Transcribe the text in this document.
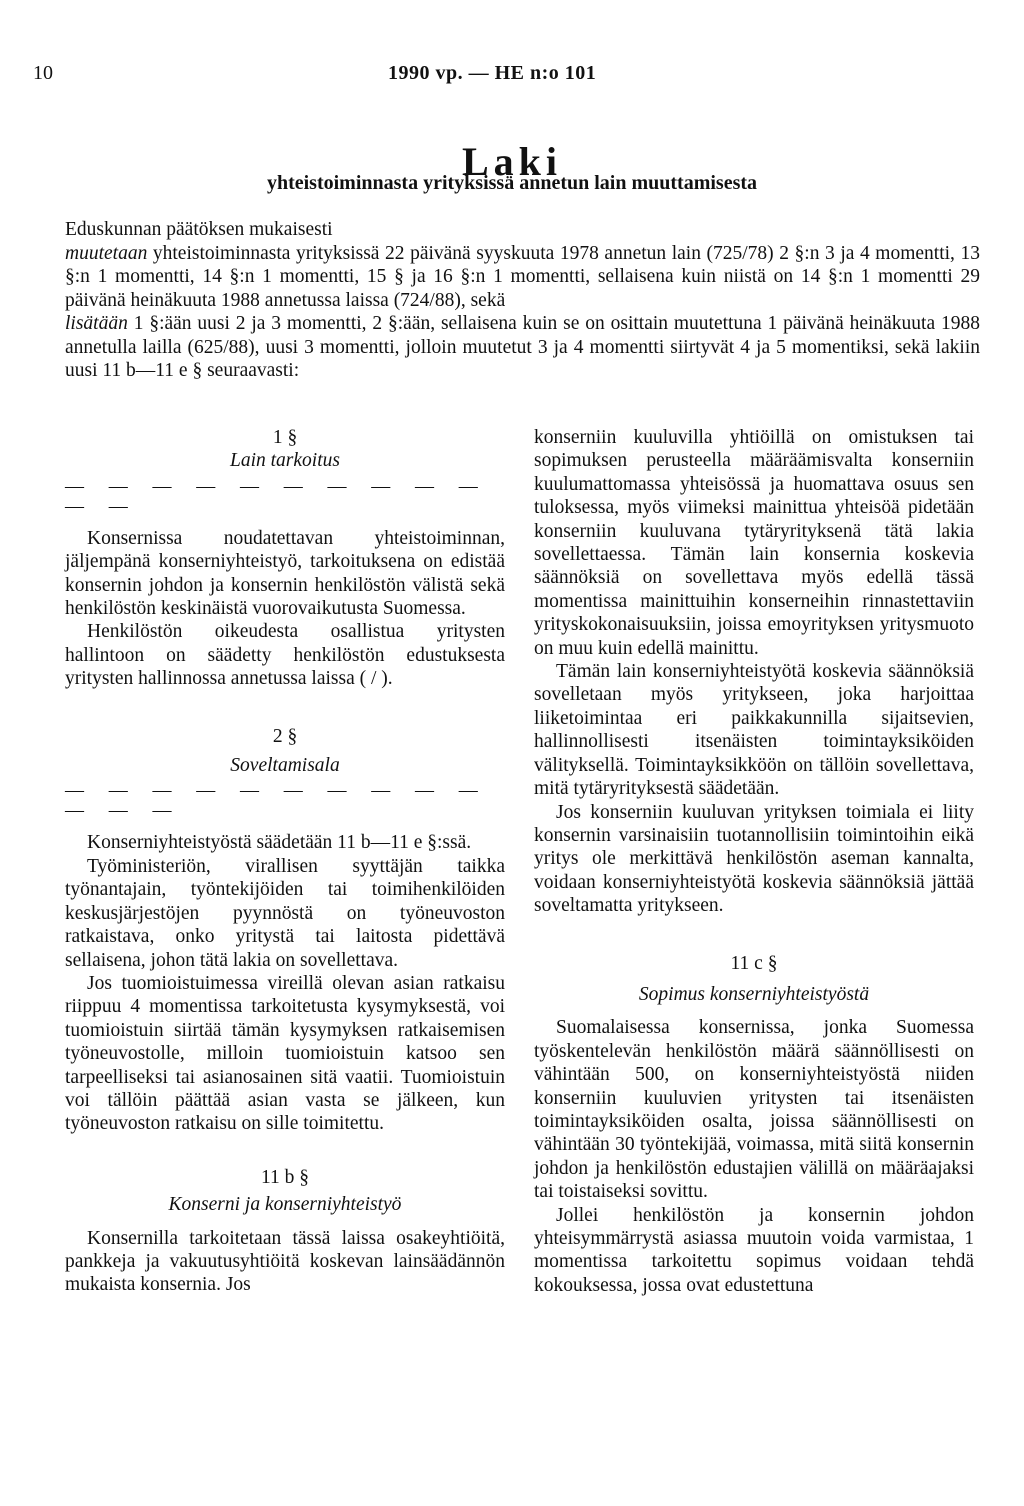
10	1990 vp. — HE n:o 101
Laki
yhteistoiminnasta yrityksissä annetun lain muuttamisesta

Eduskunnan päätöksen mukaisesti

muutetaan yhteistoiminnasta yrityksissä 22 päivänä syyskuuta 1978 annetun lain (725/78) 2 §:n 3 ja 4 momentti, 13 §:n 1 momentti, 14 §:n 1 momentti, 15 § ja 16 §:n 1 momentti, sellaisena kuin niistä on 14 §:n 1 momentti 29 päivänä heinäkuuta 1988 annetussa laissa (724/88), sekä

lisätään 1 §:ään uusi 2 ja 3 momentti, 2 §:ään, sellaisena kuin se on osittain muutettuna 1 päivänä heinäkuuta 1988 annetulla lailla (625/88), uusi 3 momentti, jolloin muutetut 3 ja 4 momentti siirtyvät 4 ja 5 momentiksi, sekä lakiin uusi 11 b—11 e § seuraavasti:

1 §
Lain tarkoitus
— — — — — — — — — — — —

Konsernissa noudatettavan yhteistoiminnan, jäljempänä konserniyhteistyö, tarkoituksena on edistää konsernin johdon ja konsernin henkilöstön välistä sekä henkilöstön keskinäistä vuorovaikutusta Suomessa.

Henkilöstön oikeudesta osallistua yritysten hallintoon on säädetty henkilöstön edustuksesta yritysten hallinnossa annetussa laissa ( / ).

2 §
Soveltamisala
— — — — — — — — — — — — —

Konserniyhteistyöstä säädetään 11 b—11 e §:ssä.

Työministeriön, virallisen syyttäjän taikka työnantajain, työntekijöiden tai toimihenkilöiden keskusjärjestöjen pyynnöstä on työneuvoston ratkaistava, onko yritystä tai laitosta pidettävä sellaisena, johon tätä lakia on sovellettava.

Jos tuomioistuimessa vireillä olevan asian ratkaisu riippuu 4 momentissa tarkoitetusta kysymyksestä, voi tuomioistuin siirtää tämän kysymyksen ratkaisemisen työneuvostolle, milloin tuomioistuin katsoo sen tarpeelliseksi tai asianosainen sitä vaatii. Tuomioistuin voi tällöin päättää asian vasta se jälkeen, kun työneuvoston ratkaisu on sille toimitettu.

11 b §
Konserni ja konserniyhteistyö

Konsernilla tarkoitetaan tässä laissa osakeyhtiöitä, pankkeja ja vakuutusyhtiöitä koskevan lainsäädännön mukaista konsernia. Jos

konserniin kuuluvilla yhtiöillä on omistuksen tai sopimuksen perusteella määräämisvalta konserniin kuulumattomassa yhteisössä ja huomattava osuus sen tuloksessa, myös viimeksi mainittua yhteisöä pidetään konserniin kuuluvana tytäryrityksenä tätä lakia sovellettaessa. Tämän lain konsernia koskevia säännöksiä on sovellettava myös edellä tässä momentissa mainittuihin konserneihin rinnastettaviin yrityskokonaisuuksiin, joissa emoyrityksen yritysmuoto on muu kuin edellä mainittu.

Tämän lain konserniyhteistyötä koskevia säännöksiä sovelletaan myös yritykseen, joka harjoittaa liiketoimintaa eri paikkakunnilla sijaitsevien, hallinnollisesti itsenäisten toimintayksiköiden välityksellä. Toimintayksikköön on tällöin sovellettava, mitä tytäryrityksestä säädetään.

Jos konserniin kuuluvan yrityksen toimiala ei liity konsernin varsinaisiin tuotannollisiin toimintoihin eikä yritys ole merkittävä henkilöstön aseman kannalta, voidaan konserniyhteistyötä koskevia säännöksiä jättää soveltamatta yritykseen.

11 c §
Sopimus konserniyhteistyöstä

Suomalaisessa konsernissa, jonka Suomessa työskentelevän henkilöstön määrä säännöllisesti on vähintään 500, on konserniyhteistyöstä niiden konserniin kuuluvien yritysten tai itsenäisten toimintayksiköiden osalta, joissa säännöllisesti on vähintään 30 työntekijää, voimassa, mitä siitä konsernin johdon ja henkilöstön edustajien välillä on määräajaksi tai toistaiseksi sovittu.

Jollei henkilöstön ja konsernin johdon yhteisymmärrystä asiassa muutoin voida varmistaa, 1 momentissa tarkoitettu sopimus voidaan tehdä kokouksessa, jossa ovat edustettuna
